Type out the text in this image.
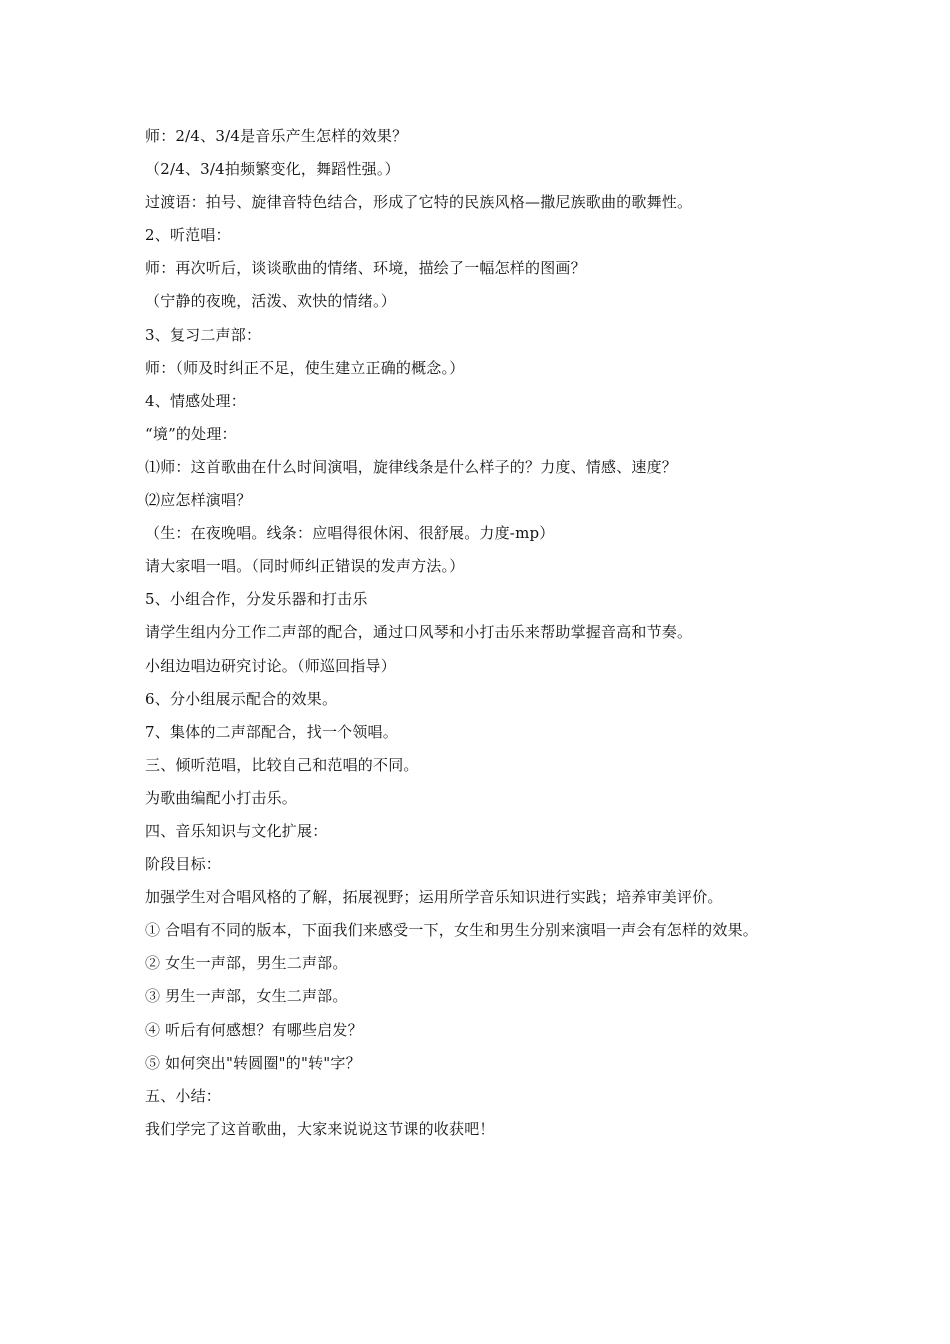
师：2/4、3/4是音乐产生怎样的效果？
（2/4、3/4拍频繁变化，舞蹈性强。）
过渡语：拍号、旋律音特色结合，形成了它特的民族风格—撒尼族歌曲的歌舞性。
2、听范唱：
师：再次听后，谈谈歌曲的情绪、环境，描绘了一幅怎样的图画？
（宁静的夜晚，活泼、欢快的情绪。）
3、复习二声部：
师：（师及时纠正不足，使生建立正确的概念。）
4、情感处理：
“境”的处理：
⑴师：这首歌曲在什么时间演唱，旋律线条是什么样子的？力度、情感、速度？
⑵应怎样演唱？
（生：在夜晚唱。线条：应唱得很休闲、很舒展。力度-mp）
请大家唱一唱。（同时师纠正错误的发声方法。）
5、小组合作，分发乐器和打击乐
请学生组内分工作二声部的配合，通过口风琴和小打击乐来帮助掌握音高和节奏。
小组边唱边研究讨论。（师巡回指导）
6、分小组展示配合的效果。
7、集体的二声部配合，找一个领唱。
三、倾听范唱，比较自己和范唱的不同。
为歌曲编配小打击乐。
四、音乐知识与文化扩展：
阶段目标：
加强学生对合唱风格的了解，拓展视野；运用所学音乐知识进行实践；培养审美评价。
① 合唱有不同的版本，下面我们来感受一下，女生和男生分别来演唱一声会有怎样的效果。
② 女生一声部，男生二声部。
③ 男生一声部，女生二声部。
④ 听后有何感想？有哪些启发？
⑤ 如何突出"转圆圈"的"转"字？
五、小结：
我们学完了这首歌曲，大家来说说这节课的收获吧！
